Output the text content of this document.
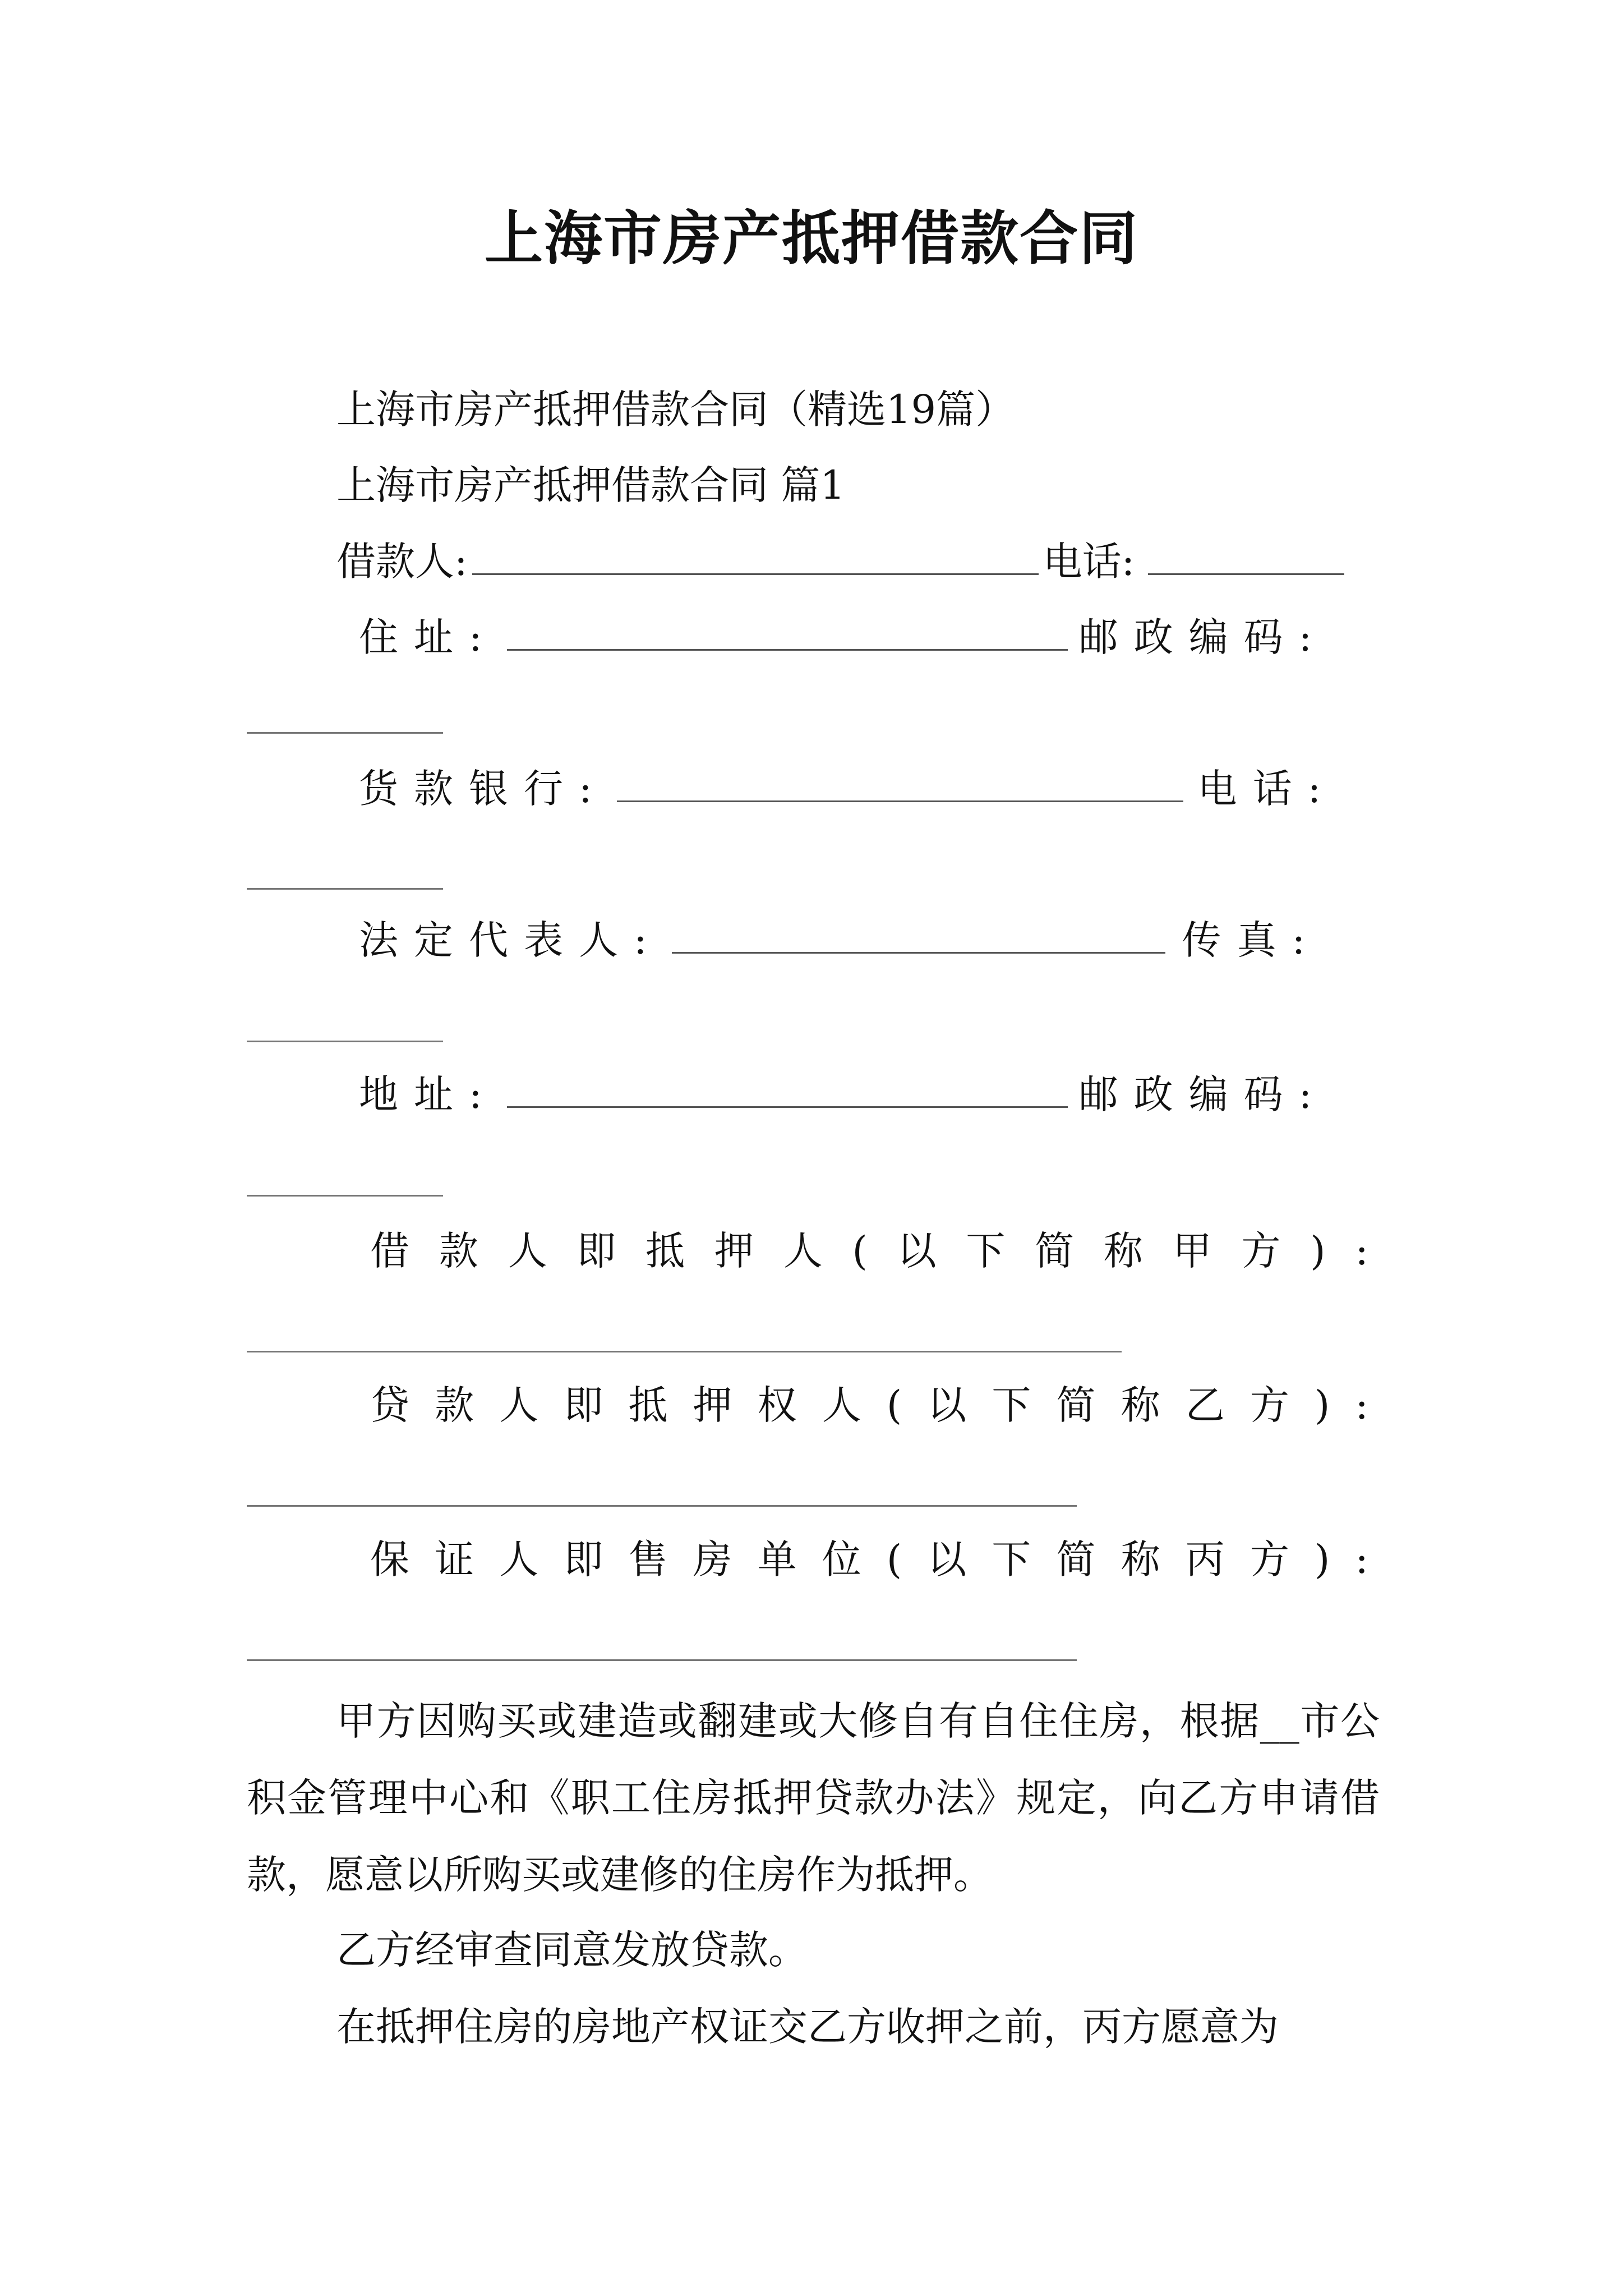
上海市房产抵押借款合同
上海市房产抵押借款合同（精选19篇）
上海市房产抵押借款合同 篇1
借款人:	电话:
住址:	邮政编码:
货款银行:	电话:
法定代表人:	传真:
地址:	邮政编码:
借 款 人 即 抵 押 人 ( 以 下 简 称 甲 方 ) :
贷 款 人 即 抵 押 权 人 ( 以 下 简 称 乙 方 ) :
保 证 人 即 售 房 单 位 ( 以 下 简 称 丙 方 ) :
甲方因购买或建造或翻建或大修自有自住住房，根据__市公积金管理中心和《职工住房抵押贷款办法》规定，向乙方申请借款，愿意以所购买或建修的住房作为抵押。
乙方经审查同意发放贷款。
在抵押住房的房地产权证交乙方收押之前，丙方愿意为
